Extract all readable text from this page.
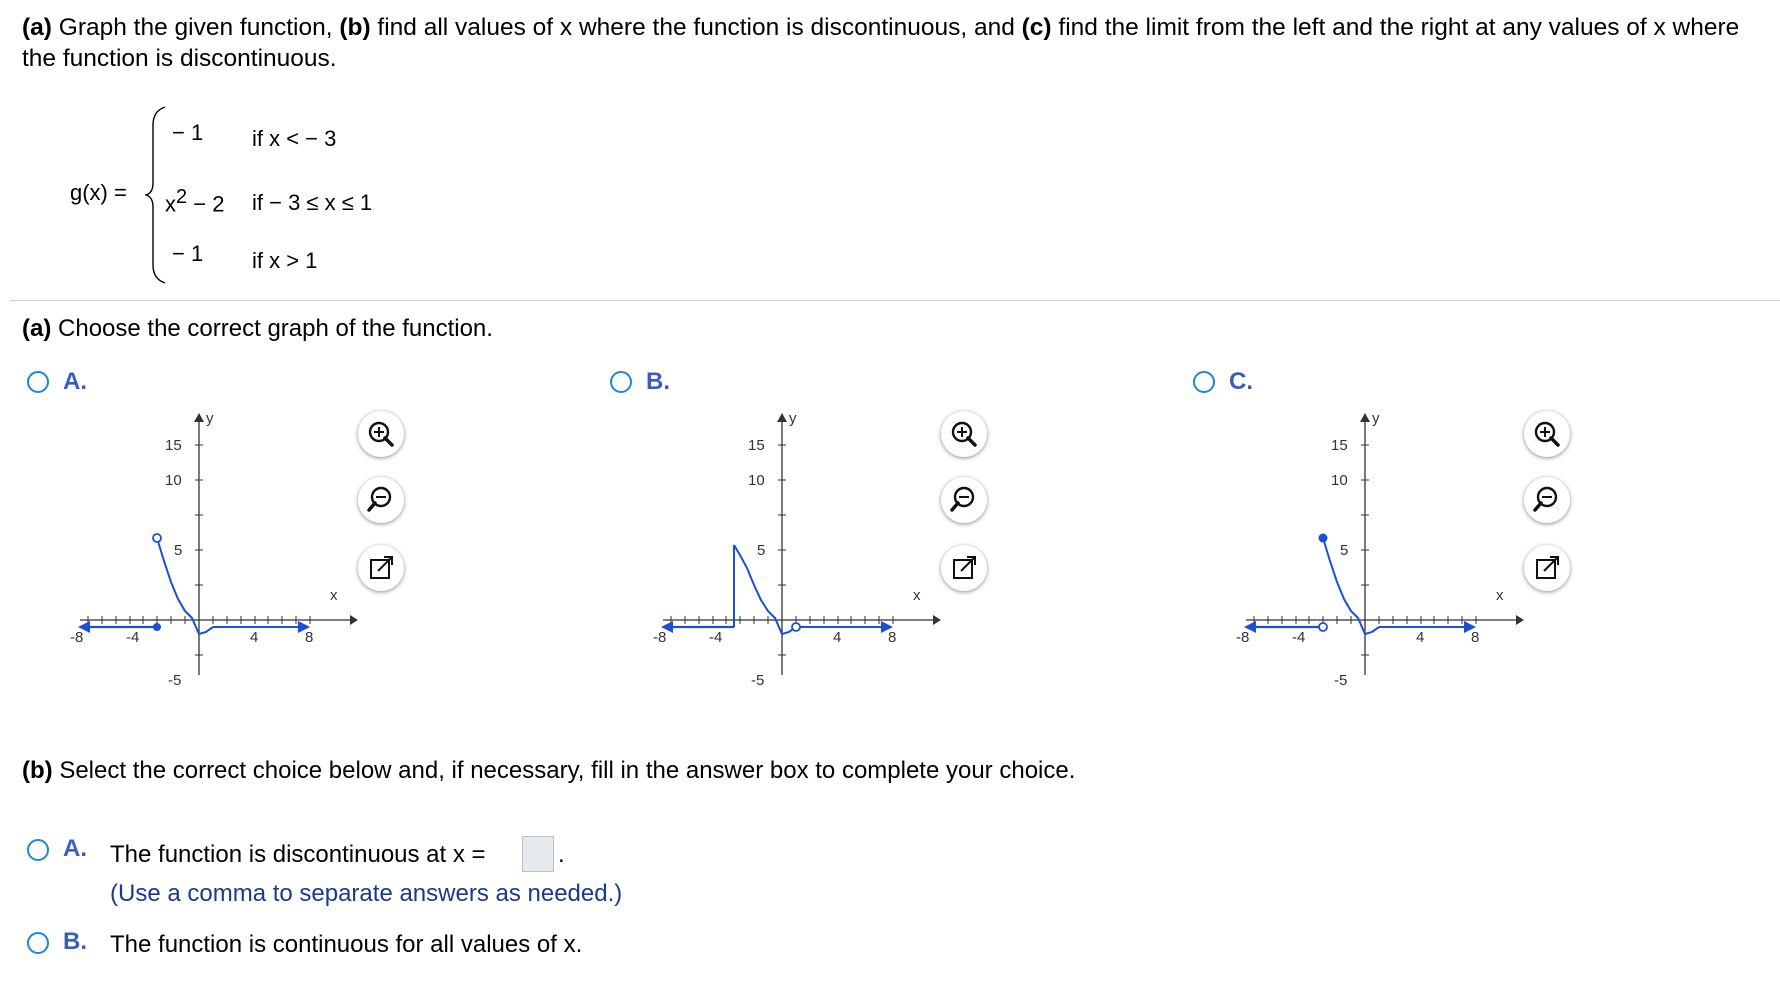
(a) Graph the given function, (b) find all values of x where the function is discontinuous, and (c) find the limit from the left and the right at any values of x where the function is discontinuous.
g(x) =
− 1 if x < − 3
$x^2 - 2$ if − 3 ≤ x ≤ 1
− 1 if x > 1
(a) Choose the correct graph of the function.
A.	B.	C.
y
x
-8	-4	4	8
15
10
5
-5
y
x
-8	-4	4	8
15
10
5
-5
y
x
-8	-4	4	8
15
10
5
-5
(b) Select the correct choice below and, if necessary, fill in the answer box to complete your choice.
A. The function is discontinuous at x =	.
(Use a comma to separate answers as needed.)
B. The function is continuous for all values of x.
